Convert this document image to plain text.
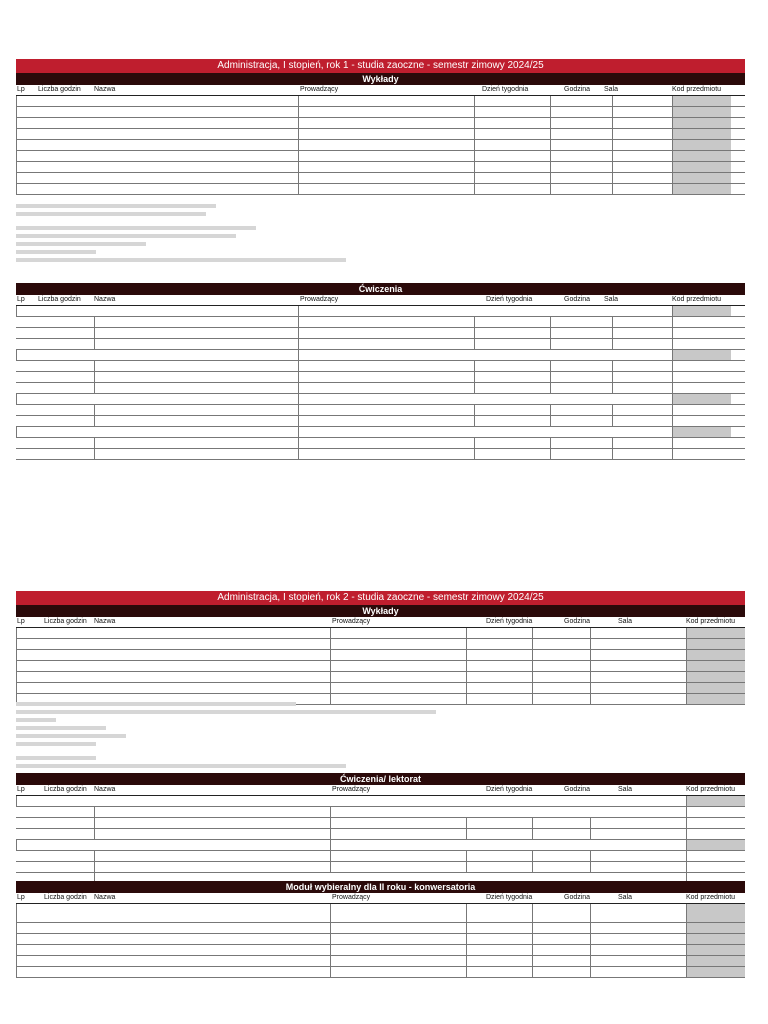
Administracja, I stopień, rok 1 - studia zaoczne - semestr zimowy 2024/25
Wykłady
Lp Liczba godzin Nazwa	Prowadzący	Dzień tygodnia	Godzina Sala	Kod przedmiotu
Ćwiczenia
Lp Liczba godzin Nazwa	Prowadzący	Dzień tygodnia	Godzina Sala	Kod przedmiotu
Administracja, I stopień, rok 2 - studia zaoczne - semestr zimowy 2024/25
Wykłady
Lp	Liczba godzin Nazwa	Prowadzący	Dzień tygodnia	Godzina	Sala	Kod przedmiotu
Ćwiczenia/ lektorat
Lp	Liczba godzin Nazwa	Prowadzący	Dzień tygodnia	Godzina	Sala	Kod przedmiotu
Moduł wybieralny dla II roku - konwersatoria
Lp	Liczba godzin Nazwa	Prowadzący	Dzień tygodnia	Godzina	Sala	Kod przedmiotu
